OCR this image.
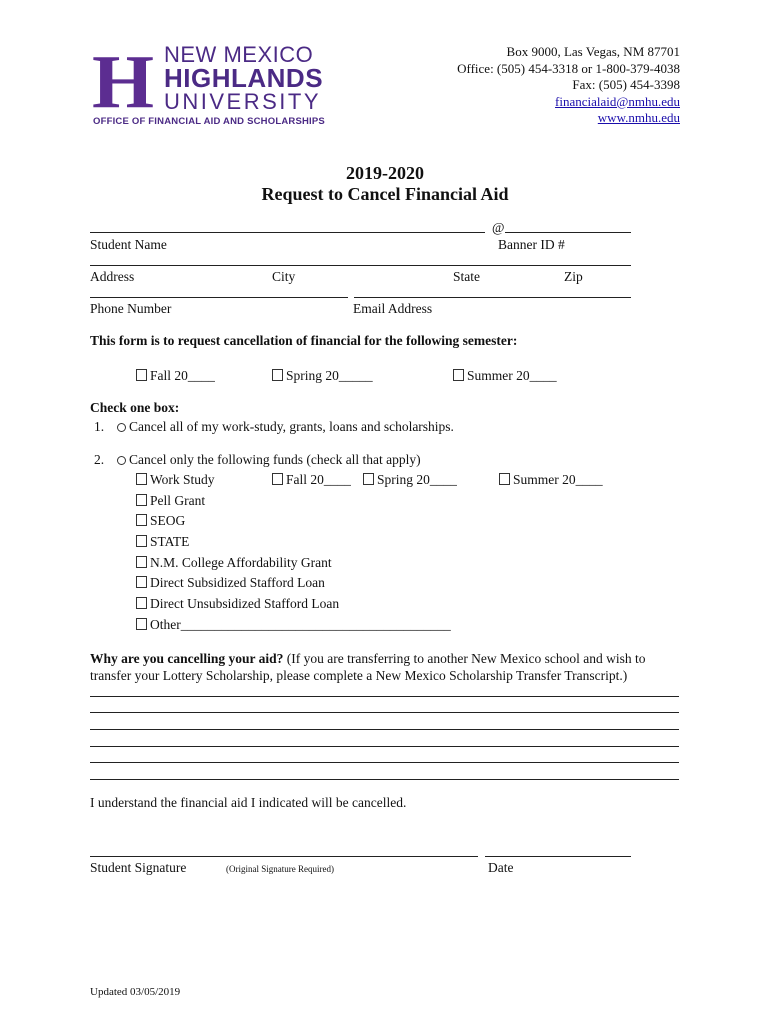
H NEW MEXICO
HIGHLANDS
UNIVERSITY
OFFICE OF FINANCIAL AID AND SCHOLARSHIPS
Box 9000, Las Vegas, NM 87701
Office: (505) 454-3318 or 1-800-379-4038
Fax: (505) 454-3398
financialaid@nmhu.edu
www.nmhu.edu
2019-2020
Request to Cancel Financial Aid
@
Student Name	Banner ID #
Address	City	State	Zip
Phone Number	Email Address
This form is to request cancellation of financial for the following semester:
Fall 20____	Spring 20_____	Summer 20____
Check one box:
1.	Cancel all of my work-study, grants, loans and scholarships.
2.	Cancel only the following funds (check all that apply)
Work Study	Fall 20____	Spring 20____	Summer 20____
Pell Grant
SEOG
STATE
N.M. College Affordability Grant
Direct Subsidized Stafford Loan
Direct Unsubsidized Stafford Loan
Other________________________________________
Why are you cancelling your aid? (If you are transferring to another New Mexico school and wish to
transfer your Lottery Scholarship, please complete a New Mexico Scholarship Transfer Transcript.)
I understand the financial aid I indicated will be cancelled.
Student Signature	(Original Signature Required)	Date
Updated 03/05/2019
